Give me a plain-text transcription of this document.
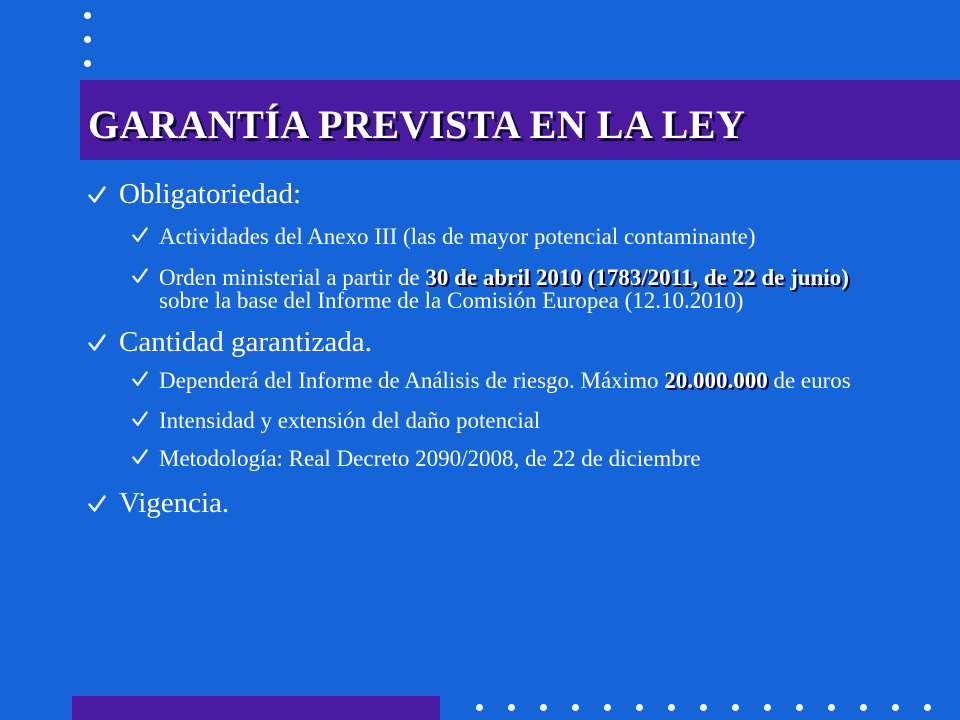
GARANTÍA PREVISTA EN LA LEY
Obligatoriedad:
Actividades del Anexo III (las de mayor potencial contaminante)
Orden ministerial a partir de 30 de abril 2010 (1783/2011, de 22 de junio) sobre la base del Informe de la Comisión Europea (12.10.2010)
Cantidad garantizada.
Dependerá del Informe de Análisis de riesgo. Máximo 20.000.000 de euros
Intensidad y extensión del daño potencial
Metodología: Real Decreto 2090/2008, de 22 de diciembre
Vigencia.
